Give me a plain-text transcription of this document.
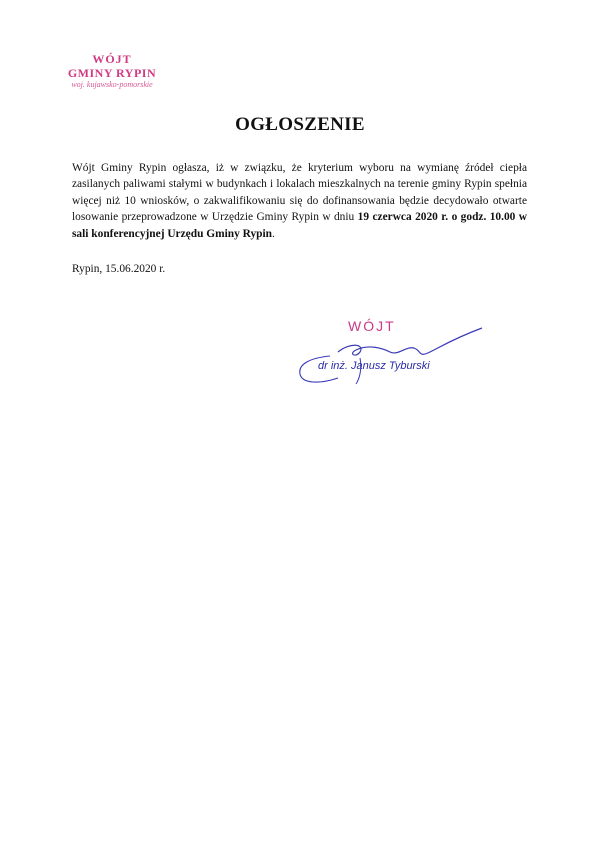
WÓJT
GMINY RYPIN
woj. kujawsko-pomorskie
OGŁOSZENIE
Wójt Gminy Rypin ogłasza, iż w związku, że kryterium wyboru na wymianę źródeł ciepła zasilanych paliwami stałymi w budynkach i lokalach mieszkalnych na terenie gminy Rypin spełnia więcej niż 10 wniosków, o zakwalifikowaniu się do dofinansowania będzie decydowało otwarte losowanie przeprowadzone w Urzędzie Gminy Rypin w dniu 19 czerwca 2020 r. o godz. 10.00 w sali konferencyjnej Urzędu Gminy Rypin.
Rypin, 15.06.2020 r.
WÓJT
dr inż. Janusz Tyburski
